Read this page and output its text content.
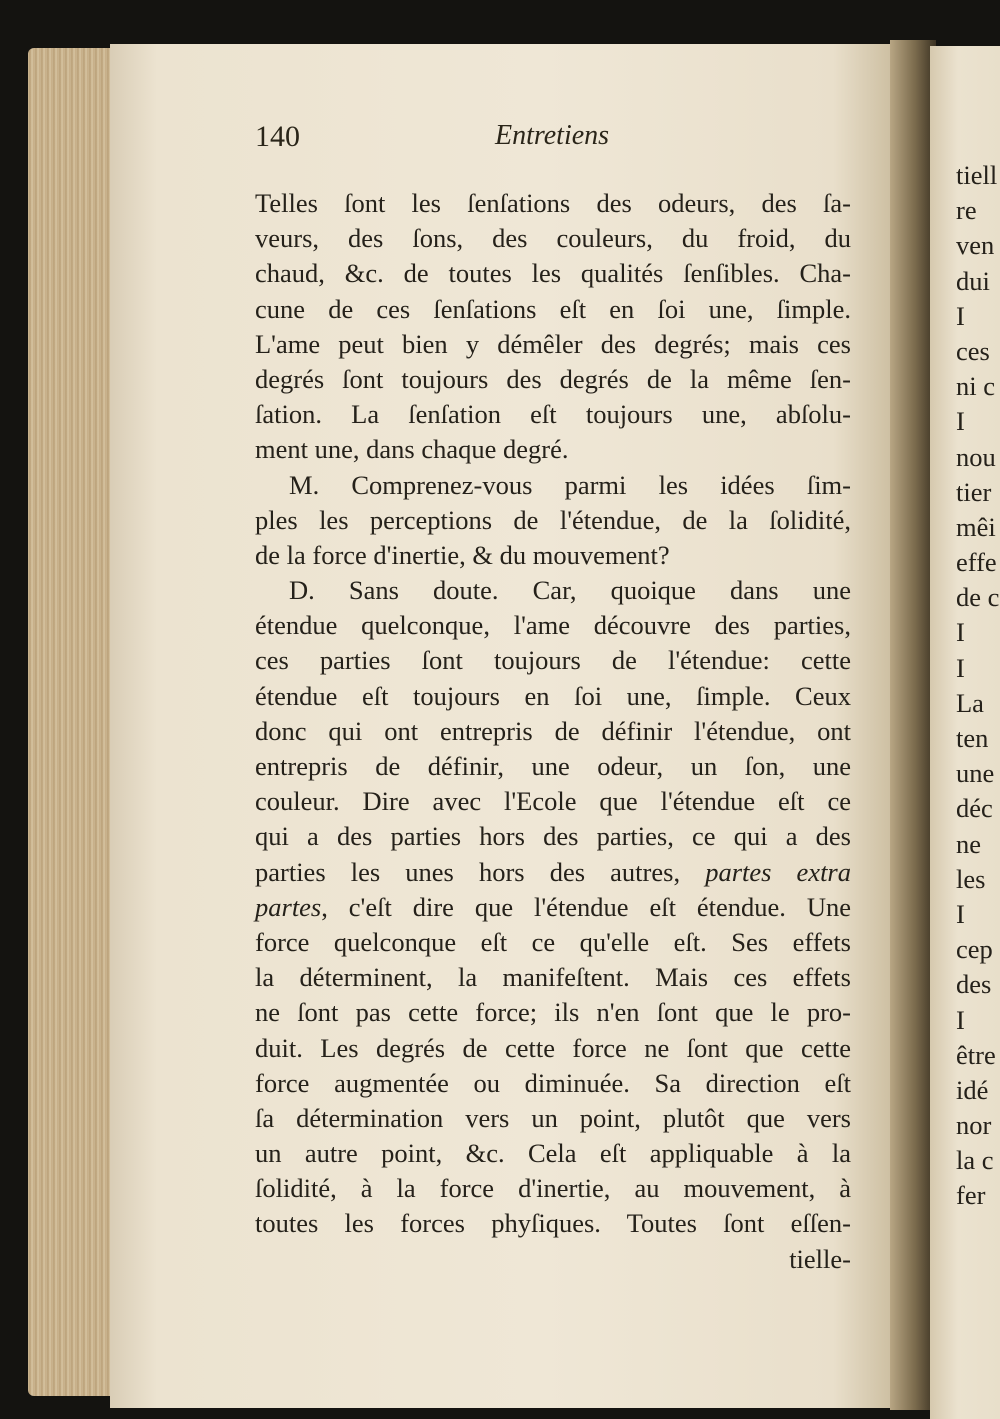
140	Entretiens
Telles ſont les ſenſations des odeurs, des ſa-
veurs, des ſons, des couleurs, du froid, du
chaud, &c. de toutes les qualités ſenſibles. Cha-
cune de ces ſenſations eſt en ſoi une, ſimple.
L'ame peut bien y démêler des degrés; mais ces
degrés ſont toujours des degrés de la même ſen-
ſation. La ſenſation eſt toujours une, abſolu-
ment une, dans chaque degré.
M. Comprenez-vous parmi les idées ſim-
ples les perceptions de l'étendue, de la ſolidité,
de la force d'inertie, & du mouvement?
D. Sans doute. Car, quoique dans une
étendue quelconque, l'ame découvre des parties,
ces parties ſont toujours de l'étendue: cette
étendue eſt toujours en ſoi une, ſimple. Ceux
donc qui ont entrepris de définir l'étendue, ont
entrepris de définir, une odeur, un ſon, une
couleur. Dire avec l'Ecole que l'étendue eſt ce
qui a des parties hors des parties, ce qui a des
parties les unes hors des autres, partes extra
partes, c'eſt dire que l'étendue eſt étendue. Une
force quelconque eſt ce qu'elle eſt. Ses effets
la déterminent, la manifeſtent. Mais ces effets
ne ſont pas cette force; ils n'en ſont que le pro-
duit. Les degrés de cette force ne ſont que cette
force augmentée ou diminuée. Sa direction eſt
ſa détermination vers un point, plutôt que vers
un autre point, &c. Cela eſt appliquable à la
ſolidité, à la force d'inertie, au mouvement, à
toutes les forces phyſiques. Toutes ſont eſſen-
tielle-
tiell
re
ven
dui
I
ces
ni c
I
nou
tier
mêi
effe
de c
I
I
La
ten
une
déc
ne
les
I
cep
des
I
être
idé
nor
la c
fer
